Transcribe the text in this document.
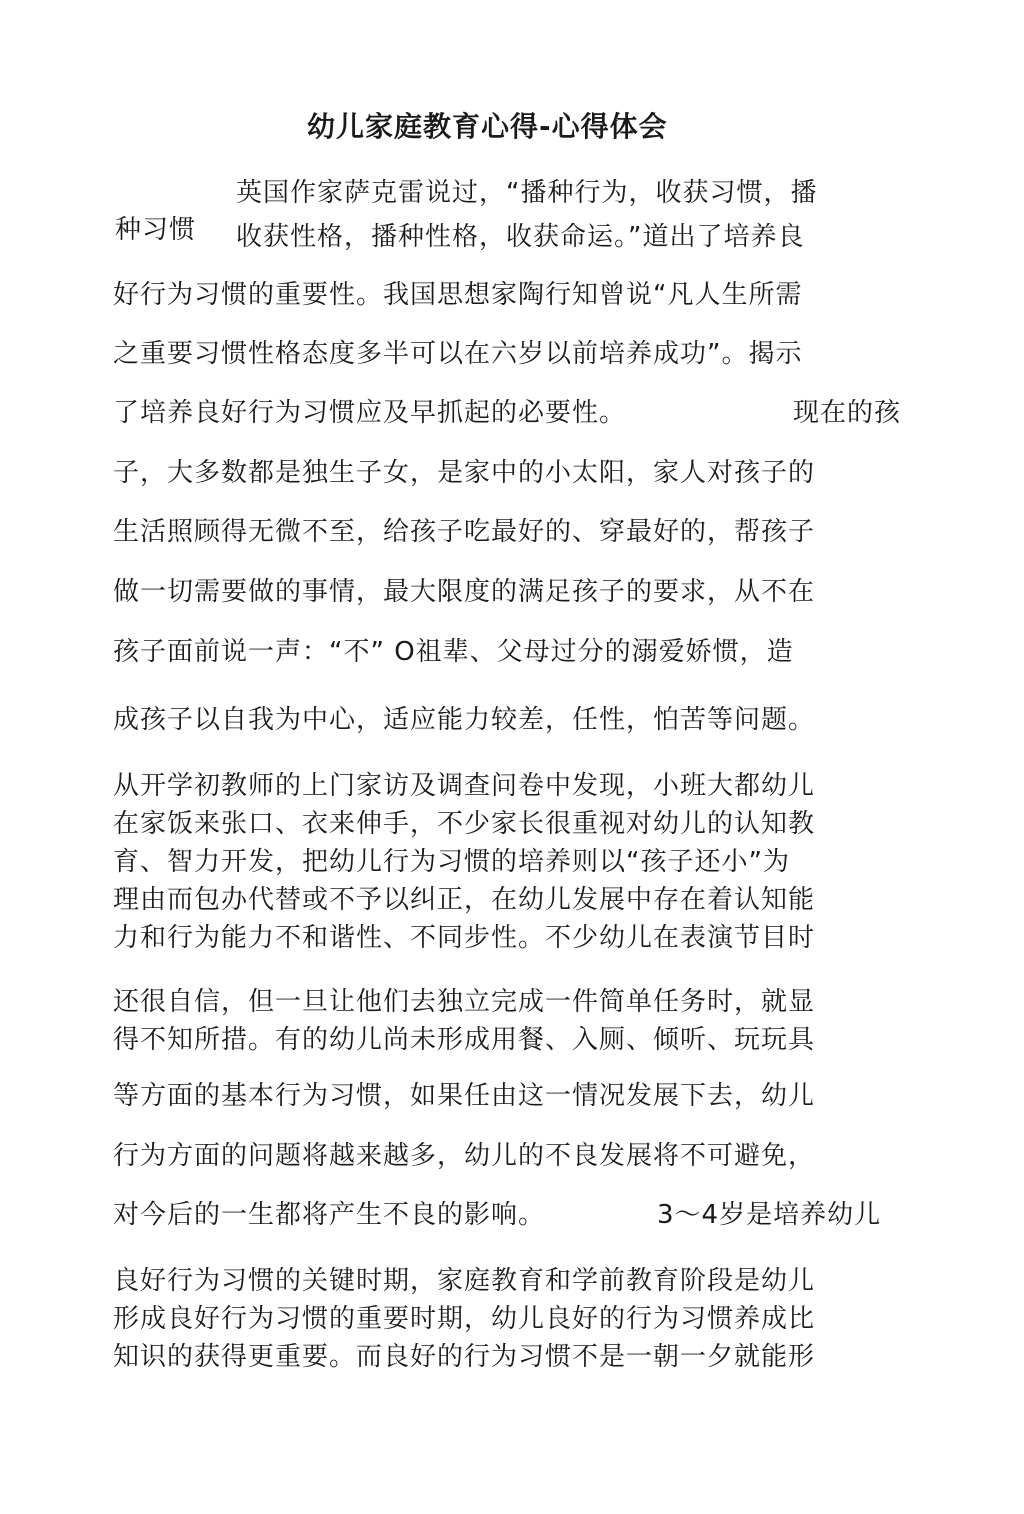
幼儿家庭教育心得-心得体会

种习惯

英国作家萨克雷说过，“播种行为，收获习惯，播

收获性格，播种性格，收获命运。”道出了培养良

好行为习惯的重要性。我国思想家陶行知曾说“凡人生所需

之重要习惯性格态度多半可以在六岁以前培养成功”。揭示

了培养良好行为习惯应及早抓起的必要性。	现在的孩

子，大多数都是独生子女，是家中的小太阳，家人对孩子的

生活照顾得无微不至，给孩子吃最好的、穿最好的，帮孩子

做一切需要做的事情，最大限度的满足孩子的要求，从不在

孩子面前说一声：“不” O祖辈、父母过分的溺爱娇惯，造

成孩子以自我为中心，适应能力较差，任性，怕苦等问题。

从开学初教师的上门家访及调查问卷中发现，小班大都幼儿

在家饭来张口、衣来伸手，不少家长很重视对幼儿的认知教

育、智力开发，把幼儿行为习惯的培养则以“孩子还小”为

理由而包办代替或不予以纠正，在幼儿发展中存在着认知能

力和行为能力不和谐性、不同步性。不少幼儿在表演节目时

还很自信，但一旦让他们去独立完成一件简单任务时，就显

得不知所措。有的幼儿尚未形成用餐、入厕、倾听、玩玩具

等方面的基本行为习惯，如果任由这一情况发展下去，幼儿

行为方面的问题将越来越多，幼儿的不良发展将不可避免，

对今后的一生都将产生不良的影响。	3～4岁是培养幼儿

良好行为习惯的关键时期，家庭教育和学前教育阶段是幼儿

形成良好行为习惯的重要时期，幼儿良好的行为习惯养成比

知识的获得更重要。而良好的行为习惯不是一朝一夕就能形
